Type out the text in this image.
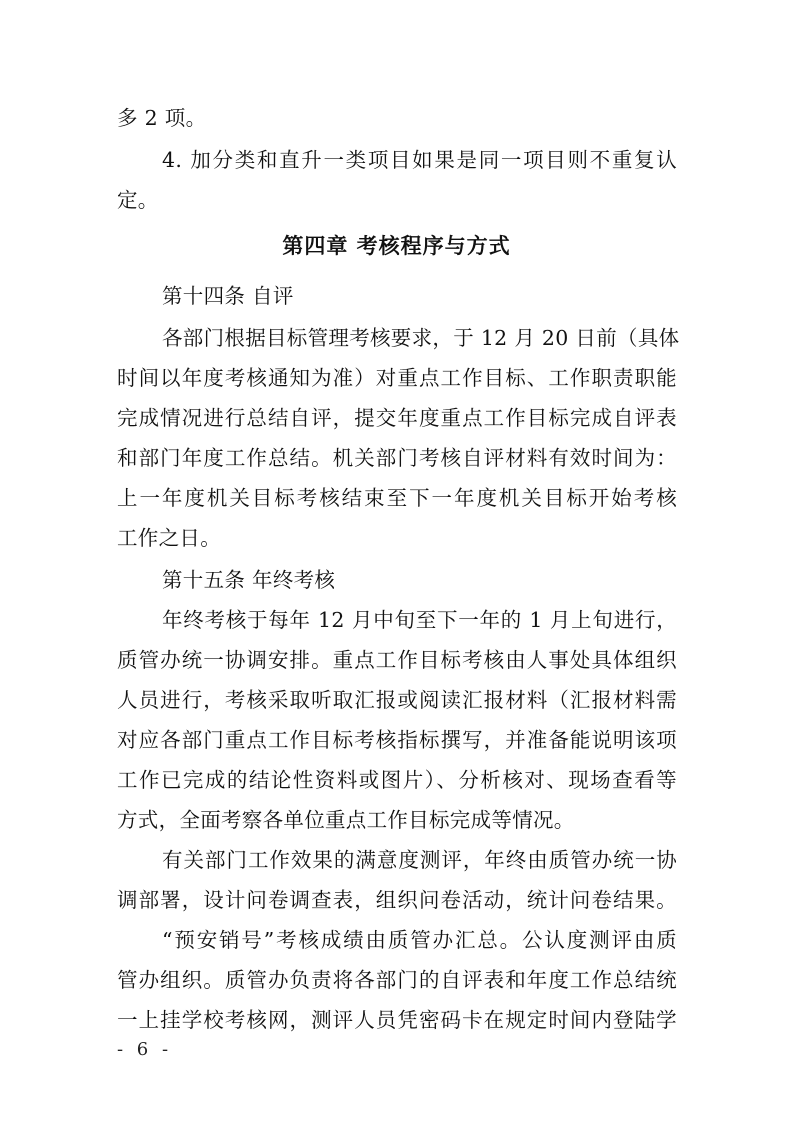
多 2 项。
4. 加分类和直升一类项目如果是同一项目则不重复认
定。
第四章 考核程序与方式
第十四条 自评
各部门根据目标管理考核要求，于 12 月 20 日前（具体
时间以年度考核通知为准）对重点工作目标、工作职责职能
完成情况进行总结自评，提交年度重点工作目标完成自评表
和部门年度工作总结。机关部门考核自评材料有效时间为：
上一年度机关目标考核结束至下一年度机关目标开始考核
工作之日。
第十五条 年终考核
年终考核于每年 12 月中旬至下一年的 1 月上旬进行，
质管办统一协调安排。重点工作目标考核由人事处具体组织
人员进行，考核采取听取汇报或阅读汇报材料（汇报材料需
对应各部门重点工作目标考核指标撰写，并准备能说明该项
工作已完成的结论性资料或图片）、分析核对、现场查看等
方式，全面考察各单位重点工作目标完成等情况。
有关部门工作效果的满意度测评，年终由质管办统一协
调部署，设计问卷调查表，组织问卷活动，统计问卷结果。
“预安销号”考核成绩由质管办汇总。公认度测评由质
管办组织。质管办负责将各部门的自评表和年度工作总结统
一上挂学校考核网，测评人员凭密码卡在规定时间内登陆学
- 6 -
